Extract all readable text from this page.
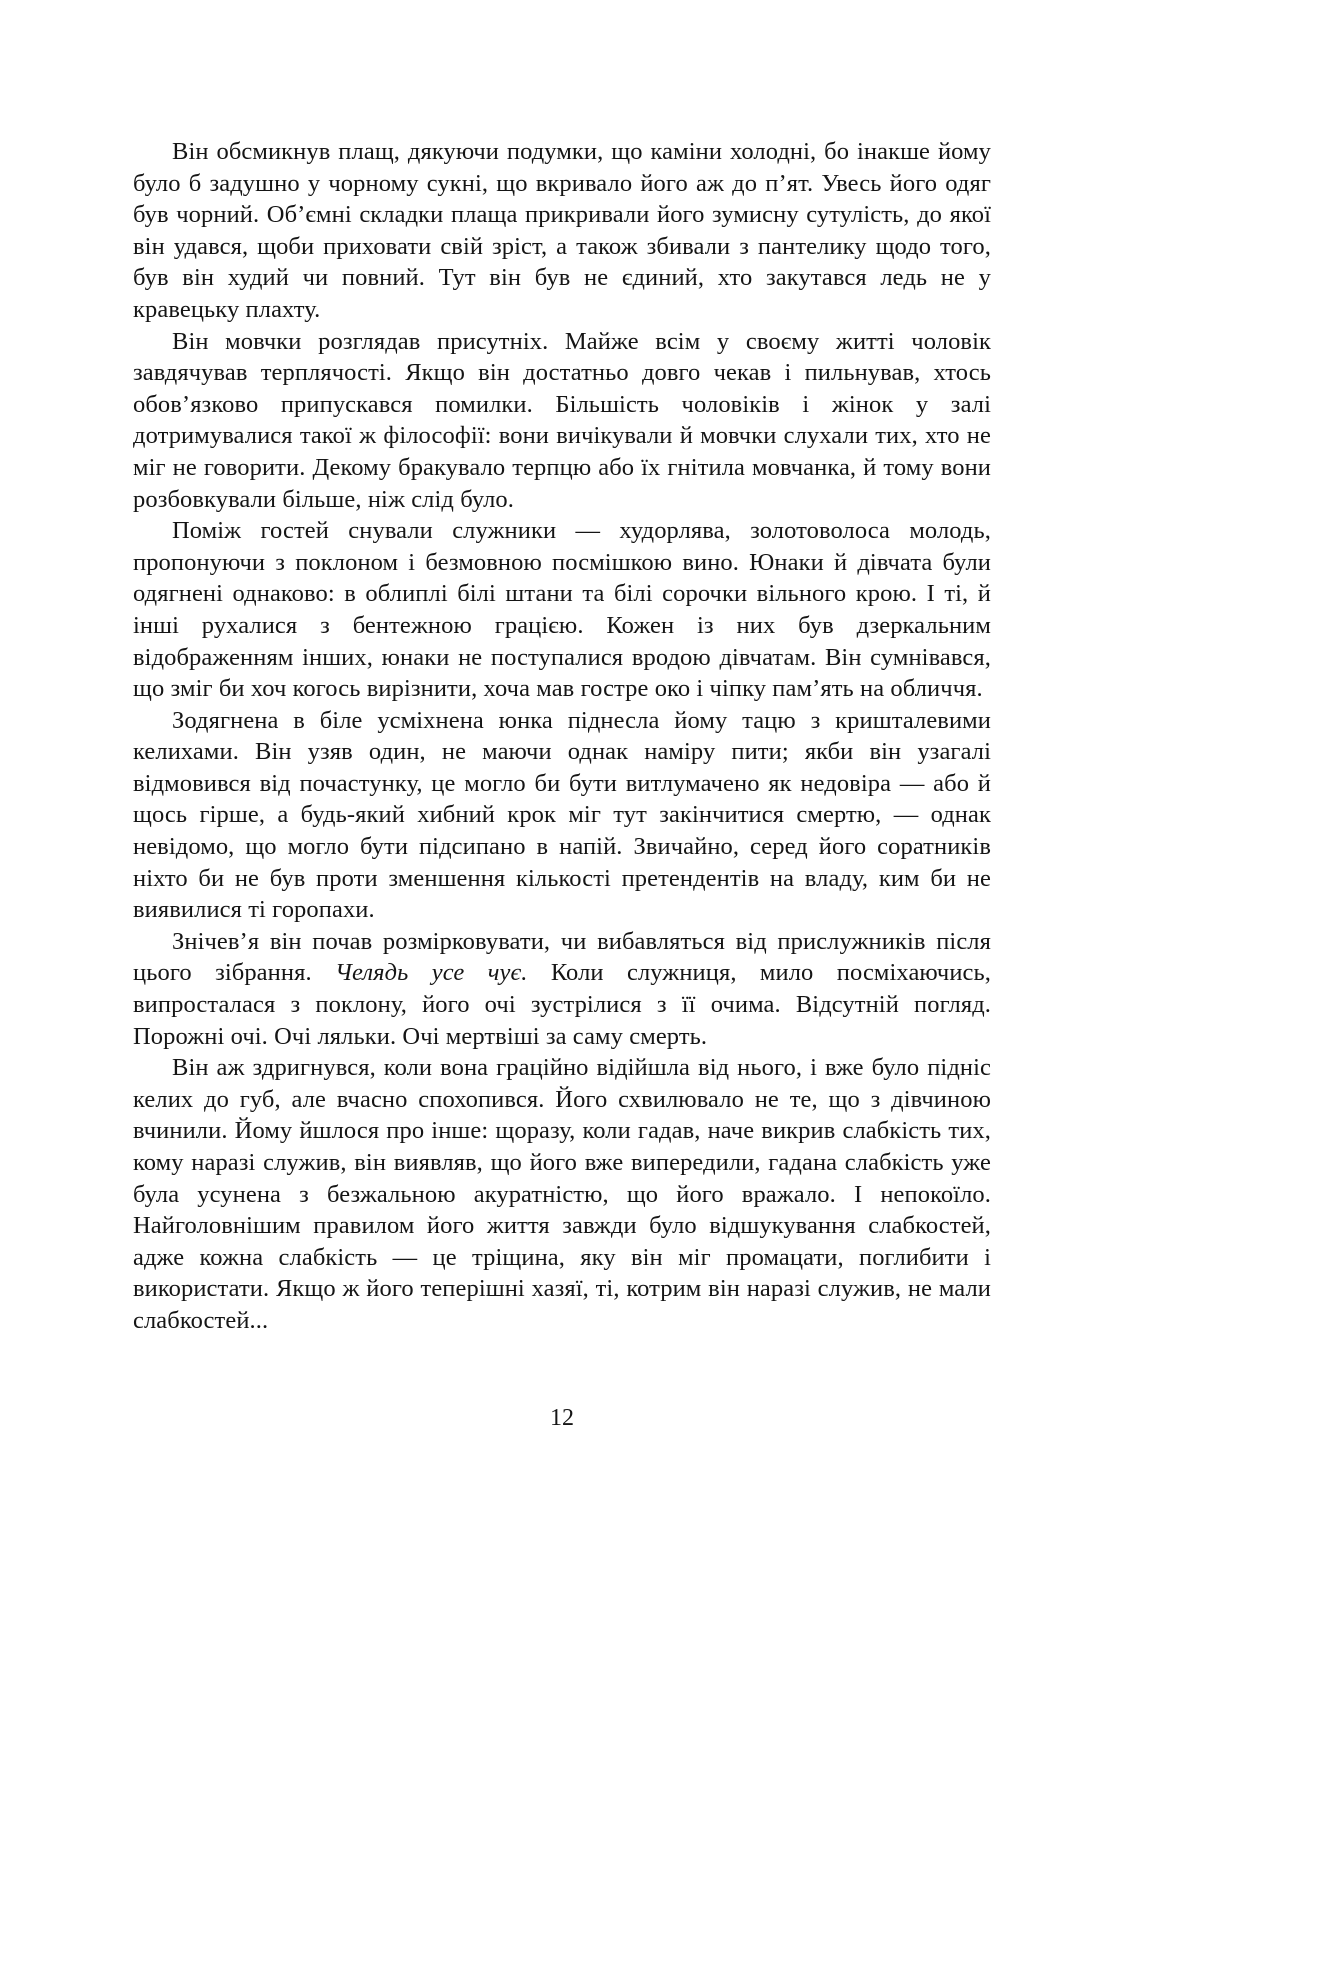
Він обсмикнув плащ, дякуючи подумки, що каміни холодні, бо інакше йому було б задушно у чорному сукні, що вкривало його аж до п’ят. Увесь його одяг був чорний. Об’ємні складки плаща прикривали його зумисну сутулість, до якої він удався, щоби приховати свій зріст, а також збивали з пантелику щодо того, був він худий чи повний. Тут він був не єдиний, хто закутався ледь не у кравецьку плахту.

Він мовчки розглядав присутніх. Майже всім у своєму житті чоловік завдячував терплячості. Якщо він достатньо довго чекав і пильнував, хтось обов’язково припускався помилки. Більшість чоловіків і жінок у залі дотримувалися такої ж філософії: вони вичікували й мовчки слухали тих, хто не міг не говорити. Декому бракувало терпцю або їх гнітила мовчанка, й тому вони розбовкували більше, ніж слід було.

Поміж гостей снували служники — худорлява, золотоволоса молодь, пропонуючи з поклоном і безмовною посмішкою вино. Юнаки й дівчата були одягнені однаково: в облиплі білі штани та білі сорочки вільного крою. І ті, й інші рухалися з бентежною грацією. Кожен із них був дзеркальним відображенням інших, юнаки не поступалися вродою дівчатам. Він сумнівався, що зміг би хоч когось вирізнити, хоча мав гостре око і чіпку пам’ять на обличчя.

Зодягнена в біле усміхнена юнка піднесла йому тацю з кришталевими келихами. Він узяв один, не маючи однак наміру пити; якби він узагалі відмовився від почастунку, це могло би бути витлумачено як недовіра — або й щось гірше, а будь-який хибний крок міг тут закінчитися смертю, — однак невідомо, що могло бути підсипано в напій. Звичайно, серед його соратників ніхто би не був проти зменшення кількості претендентів на владу, ким би не виявилися ті горопахи.

Знічев’я він почав розмірковувати, чи вибавляться від прислужників після цього зібрання. Челядь усе чує. Коли служниця, мило посміхаючись, випросталася з поклону, його очі зустрілися з її очима. Відсутній погляд. Порожні очі. Очі ляльки. Очі мертвіші за саму смерть.

Він аж здригнувся, коли вона граційно відійшла від нього, і вже було підніс келих до губ, але вчасно спохопився. Його схвилювало не те, що з дівчиною вчинили. Йому йшлося про інше: щоразу, коли гадав, наче викрив слабкість тих, кому наразі служив, він виявляв, що його вже випередили, гадана слабкість уже була усунена з безжальною акуратністю, що його вражало. І непокоїло. Найголовнішим правилом його життя завжди було відшукування слабкостей, адже кожна слабкість — це тріщина, яку він міг промацати, поглибити і використати. Якщо ж його теперішні хазяї, ті, котрим він наразі служив, не мали слабкостей...

12
